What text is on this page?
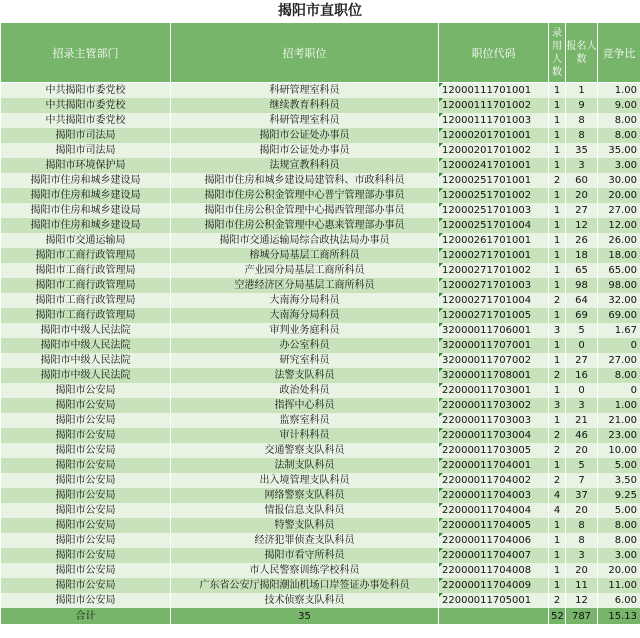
揭阳市直职位
招录主管部门	招考职位	职位代码	录用人数	报名人数	竞争比
中共揭阳市委党校	科研管理室科员	12000111701001	1	1	1.00
中共揭阳市委党校	继续教育科科员	12000111701002	1	9	9.00
中共揭阳市委党校	科研管理室科员	12000111701003	1	8	8.00
揭阳市司法局	揭阳市公证处办事员	12000201701001	1	8	8.00
揭阳市司法局	揭阳市公证处办事员	12000201701002	1	35	35.00
揭阳市环境保护局	法规宣教科科员	12000241701001	1	3	3.00
揭阳市住房和城乡建设局	揭阳市住房和城乡建设局建管科、市政科科员	12000251701001	2	60	30.00
揭阳市住房和城乡建设局	揭阳市住房公积金管理中心普宁管理部办事员	12000251701002	1	20	20.00
揭阳市住房和城乡建设局	揭阳市住房公积金管理中心揭西管理部办事员	12000251701003	1	27	27.00
揭阳市住房和城乡建设局	揭阳市住房公积金管理中心惠来管理部办事员	12000251701004	1	12	12.00
揭阳市交通运输局	揭阳市交通运输局综合政执法局办事员	12000261701001	1	26	26.00
揭阳市工商行政管理局	榕城分局基层工商所科员	12000271701001	1	18	18.00
揭阳市工商行政管理局	产业园分局基层工商所科员	12000271701002	1	65	65.00
揭阳市工商行政管理局	空港经济区分局基层工商所科员	12000271701003	1	98	98.00
揭阳市工商行政管理局	大南海分局科员	12000271701004	2	64	32.00
揭阳市工商行政管理局	大南海分局科员	12000271701005	1	69	69.00
揭阳市中级人民法院	审判业务庭科员	32000011706001	3	5	1.67
揭阳市中级人民法院	办公室科员	32000011707001	1	0	0
揭阳市中级人民法院	研究室科员	32000011707002	1	27	27.00
揭阳市中级人民法院	法警支队科员	32000011708001	2	16	8.00
揭阳市公安局	政治处科员	22000011703001	1	0	0
揭阳市公安局	指挥中心科员	22000011703002	3	3	1.00
揭阳市公安局	监察室科员	22000011703003	1	21	21.00
揭阳市公安局	审计科科员	22000011703004	2	46	23.00
揭阳市公安局	交通警察支队科员	22000011703005	2	20	10.00
揭阳市公安局	法制支队科员	22000011704001	1	5	5.00
揭阳市公安局	出入境管理支队科员	22000011704002	2	7	3.50
揭阳市公安局	网络警察支队科员	22000011704003	4	37	9.25
揭阳市公安局	情报信息支队科员	22000011704004	4	20	5.00
揭阳市公安局	特警支队科员	22000011704005	1	8	8.00
揭阳市公安局	经济犯罪侦查支队科员	22000011704006	1	8	8.00
揭阳市公安局	揭阳市看守所科员	22000011704007	1	3	3.00
揭阳市公安局	市人民警察训练学校科员	22000011704008	1	20	20.00
揭阳市公安局	广东省公安厅揭阳潮汕机场口岸签证办事处科员	22000011704009	1	11	11.00
揭阳市公安局	技术侦察支队科员	22000011705001	2	12	6.00
合计	35		52	787	15.13
